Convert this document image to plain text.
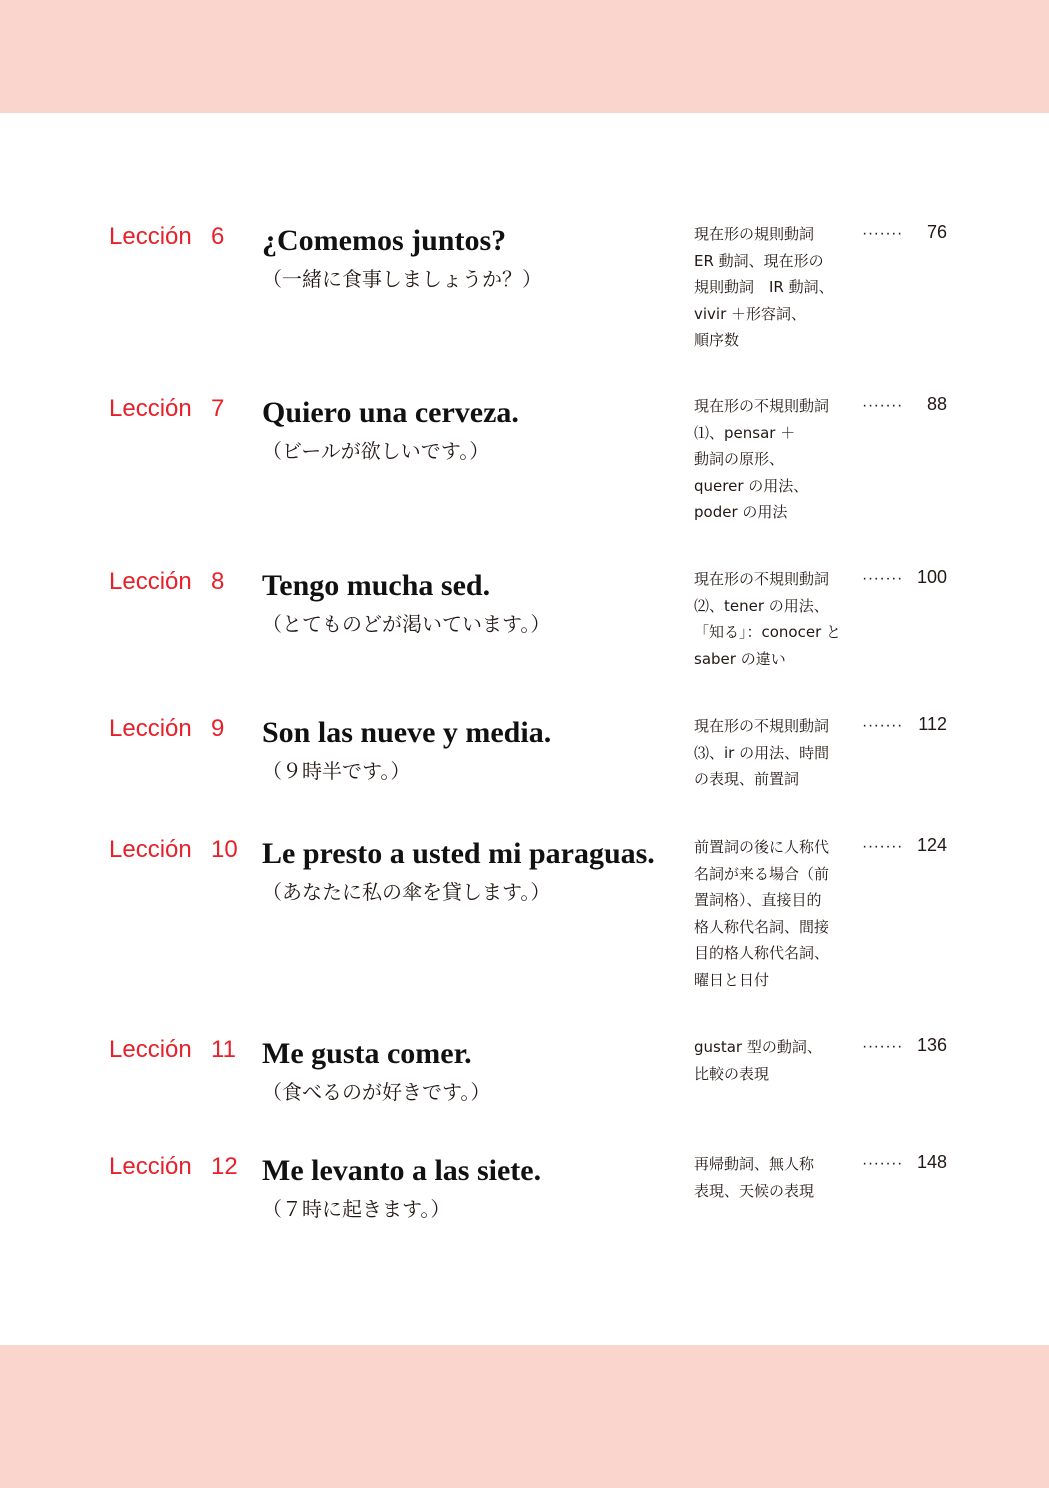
Lección 6 ¿Comemos juntos?
（一緒に食事しましょうか？）
現在形の規則動詞
ER 動詞、現在形の
規則動詞　IR 動詞、
vivir ＋形容詞、
順序数
······· 76
Lección 7 Quiero una cerveza.
（ビールが欲しいです。）
現在形の不規則動詞
⑴、pensar ＋
動詞の原形、
querer の用法、
poder の用法
······· 88
Lección 8 Tengo mucha sed.
（とてものどが渇いています。）
現在形の不規則動詞
⑵、tener の用法、
「知る」：conocer と
saber の違い
······· 100
Lección 9 Son las nueve y media.
（９時半です。）
現在形の不規則動詞
⑶、ir の用法、時間
の表現、前置詞
······· 112
Lección 10 Le presto a usted mi paraguas.
（あなたに私の傘を貸します。）
前置詞の後に人称代
名詞が来る場合（前
置詞格）、直接目的
格人称代名詞、間接
目的格人称代名詞、
曜日と日付
······· 124
Lección 11 Me gusta comer.
（食べるのが好きです。）
gustar 型の動詞、
比較の表現
······· 136
Lección 12 Me levanto a las siete.
（７時に起きます。）
再帰動詞、無人称
表現、天候の表現
······· 148
